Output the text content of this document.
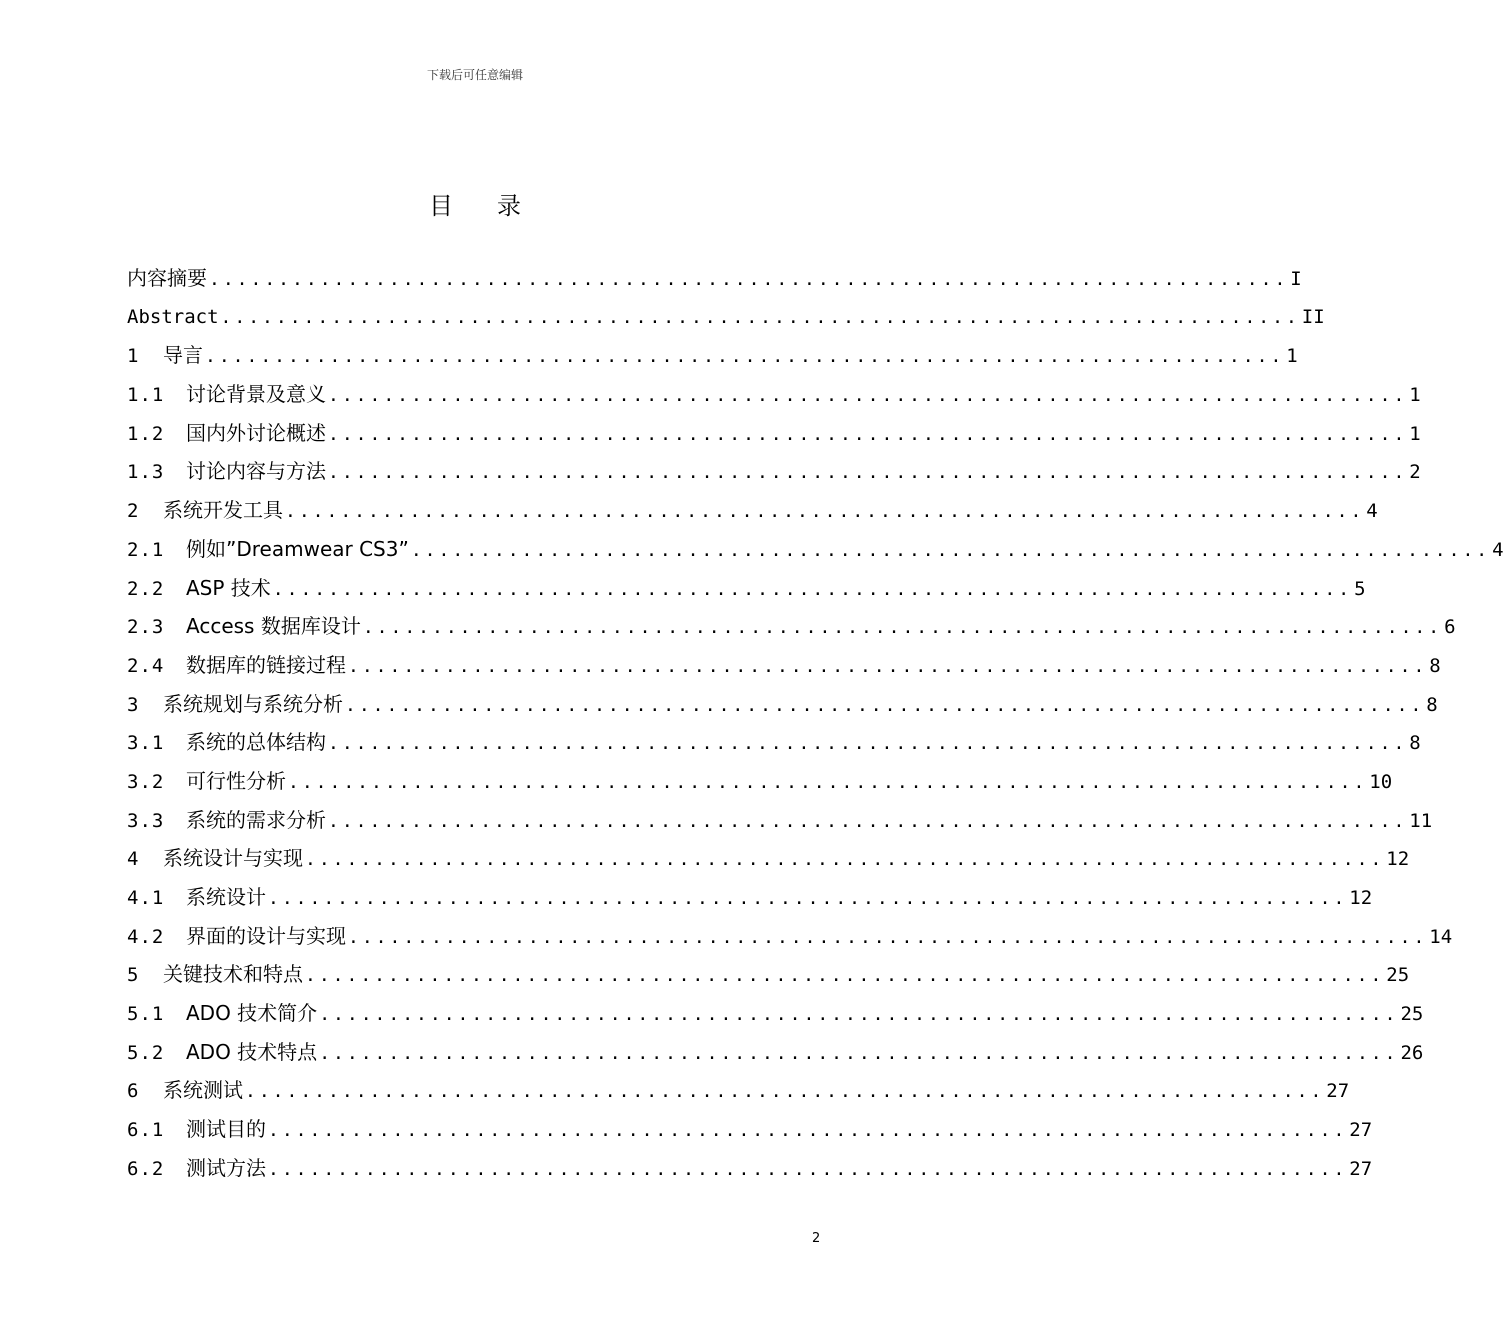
下载后可任意编辑
目录
内容摘要 .............................................................................. I
Abstract .............................................................................. II
1	导言 .............................................................................. 1
1.1	讨论背景及意义 .............................................................................. 1
1.2	国内外讨论概述 .............................................................................. 1
1.3	讨论内容与方法 .............................................................................. 2
2	系统开发工具 .............................................................................. 4
2.1	例如”Dreamwear CS3” .............................................................................. 4
2.2	ASP 技术 .............................................................................. 5
2.3	Access 数据库设计 .............................................................................. 6
2.4	数据库的链接过程 .............................................................................. 8
3	系统规划与系统分析 .............................................................................. 8
3.1	系统的总体结构 .............................................................................. 8
3.2	可行性分析 .............................................................................. 10
3.3	系统的需求分析 .............................................................................. 11
4	系统设计与实现 .............................................................................. 12
4.1	系统设计 .............................................................................. 12
4.2	界面的设计与实现 .............................................................................. 14
5	关键技术和特点 .............................................................................. 25
5.1	ADO 技术简介 .............................................................................. 25
5.2	ADO 技术特点 .............................................................................. 26
6	系统测试 .............................................................................. 27
6.1	测试目的 .............................................................................. 27
6.2	测试方法 .............................................................................. 27
2
